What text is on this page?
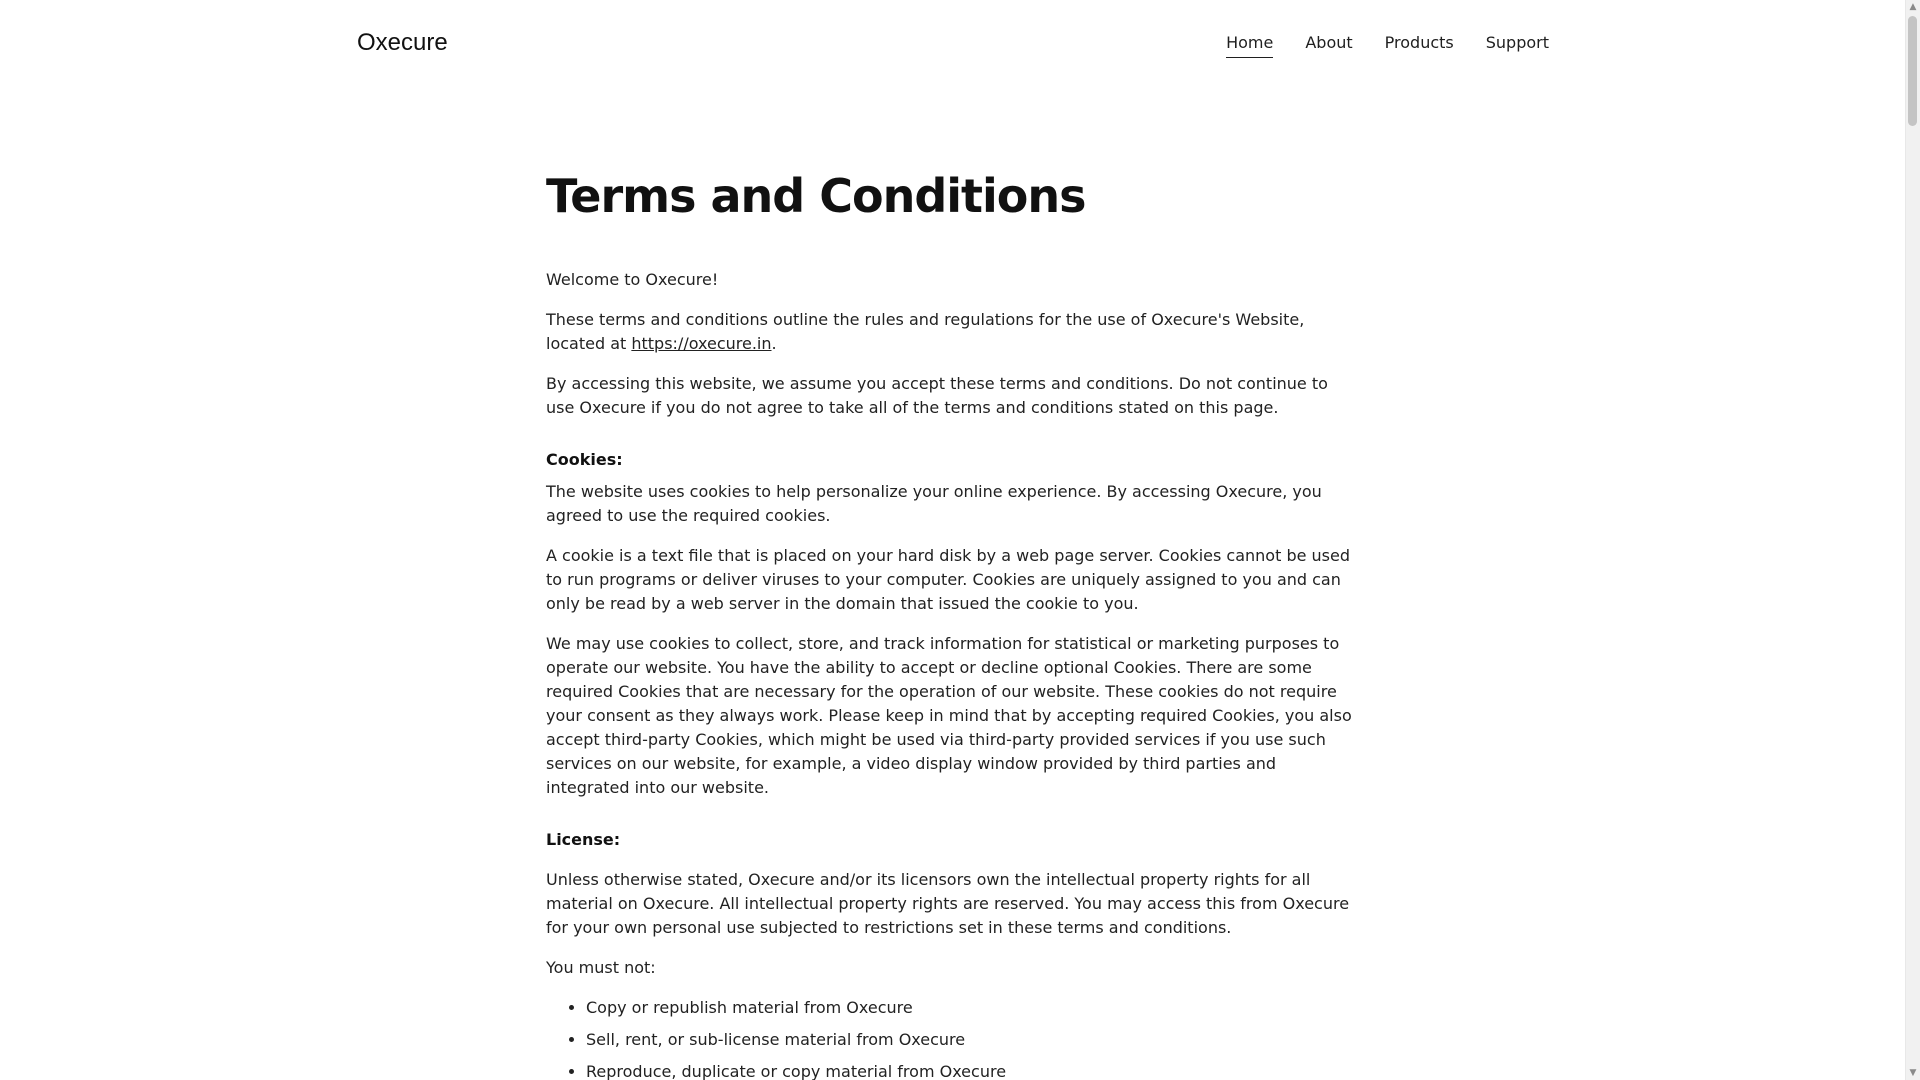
Oxecure	Home About Products Support
Terms and Conditions

Welcome to Oxecure!

These terms and conditions outline the rules and regulations for the use of Oxecure's Website, located at https://oxecure.in.

By accessing this website, we assume you accept these terms and conditions. Do not continue to use Oxecure if you do not agree to take all of the terms and conditions stated on this page.

Cookies:

The website uses cookies to help personalize your online experience. By accessing Oxecure, you agreed to use the required cookies.

A cookie is a text file that is placed on your hard disk by a web page server. Cookies cannot be used to run programs or deliver viruses to your computer. Cookies are uniquely assigned to you and can only be read by a web server in the domain that issued the cookie to you.

We may use cookies to collect, store, and track information for statistical or marketing purposes to operate our website. You have the ability to accept or decline optional Cookies. There are some required Cookies that are necessary for the operation of our website. These cookies do not require your consent as they always work. Please keep in mind that by accepting required Cookies, you also accept third-party Cookies, which might be used via third-party provided services if you use such services on our website, for example, a video display window provided by third parties and integrated into our website.

License:

Unless otherwise stated, Oxecure and/or its licensors own the intellectual property rights for all material on Oxecure. All intellectual property rights are reserved. You may access this from Oxecure for your own personal use subjected to restrictions set in these terms and conditions.

You must not:

• Copy or republish material from Oxecure
• Sell, rent, or sub-license material from Oxecure
• Reproduce, duplicate or copy material from Oxecure
▲
▼
